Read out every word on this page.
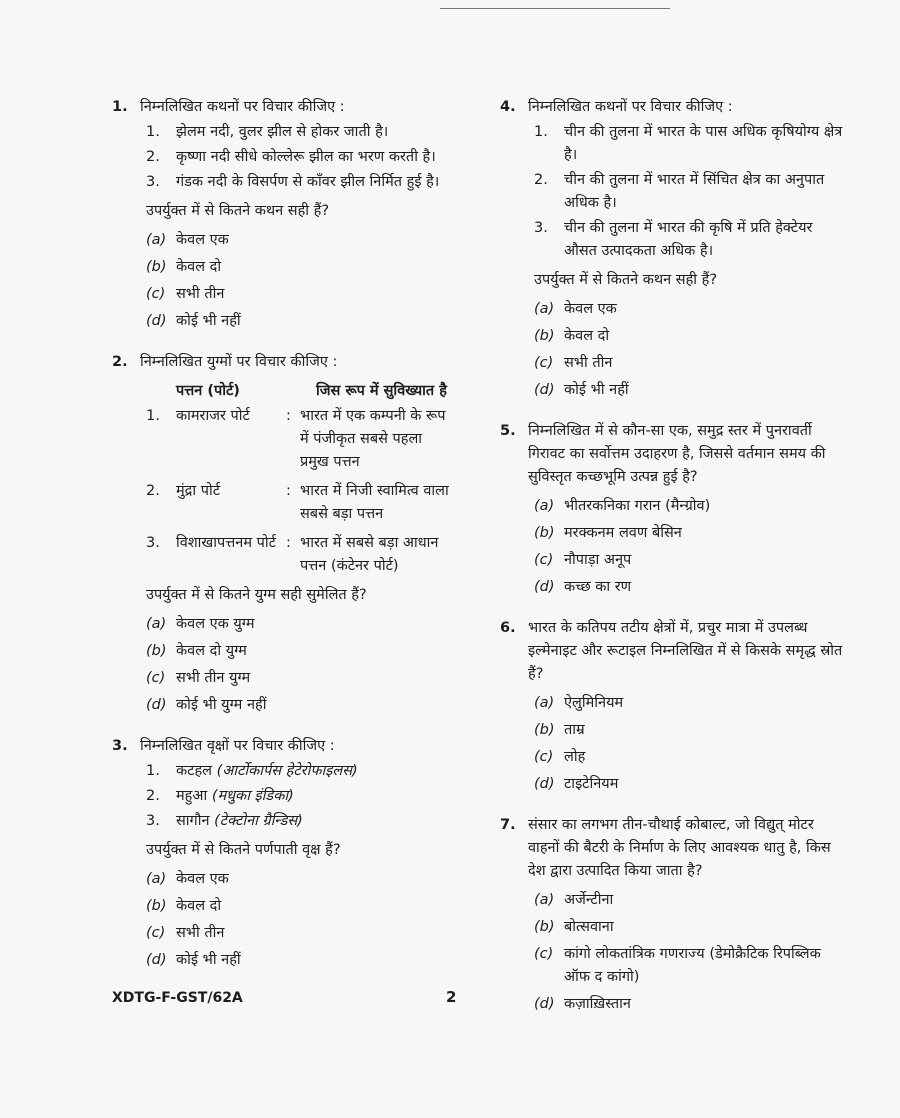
1. निम्नलिखित कथनों पर विचार कीजिए :
1.	झेलम नदी, वुलर झील से होकर जाती है।
2.	कृष्णा नदी सीधे कोल्लेरू झील का भरण करती है।
3.	गंडक नदी के विसर्पण से काँवर झील निर्मित हुई है।
उपर्युक्त में से कितने कथन सही हैं?
(a) केवल एक
(b) केवल दो
(c) सभी तीन
(d) कोई भी नहीं
2. निम्नलिखित युग्मों पर विचार कीजिए :
पत्तन (पोर्ट)	जिस रूप में सुविख्यात है
1.	कामराजर पोर्ट	: भारत में एक कम्पनी के रूप में पंजीकृत सबसे पहला प्रमुख पत्तन
2.	मुंद्रा पोर्ट	: भारत में निजी स्वामित्व वाला सबसे बड़ा पत्तन
3.	विशाखापत्तनम पोर्ट : भारत में सबसे बड़ा आधान पत्तन (कंटेनर पोर्ट)
उपर्युक्त में से कितने युग्म सही सुमेलित हैं?
(a) केवल एक युग्म
(b) केवल दो युग्म
(c) सभी तीन युग्म
(d) कोई भी युग्म नहीं
3. निम्नलिखित वृक्षों पर विचार कीजिए :
1.	कटहल (आर्टोकार्पस हेटेरोफाइलस)
2.	महुआ (मधुका इंडिका)
3.	सागौन (टेक्टोना ग्रैन्डिस)
उपर्युक्त में से कितने पर्णपाती वृक्ष हैं?
(a) केवल एक
(b) केवल दो
(c) सभी तीन
(d) कोई भी नहीं
4. निम्नलिखित कथनों पर विचार कीजिए :
1.	चीन की तुलना में भारत के पास अधिक कृषियोग्य क्षेत्र है।
2.	चीन की तुलना में भारत में सिंचित क्षेत्र का अनुपात अधिक है।
3.	चीन की तुलना में भारत की कृषि में प्रति हेक्टेयर औसत उत्पादकता अधिक है।
उपर्युक्त में से कितने कथन सही हैं?
(a) केवल एक
(b) केवल दो
(c) सभी तीन
(d) कोई भी नहीं
5. निम्नलिखित में से कौन-सा एक, समुद्र स्तर में पुनरावर्ती गिरावट का सर्वोत्तम उदाहरण है, जिससे वर्तमान समय की सुविस्तृत कच्छभूमि उत्पन्न हुई है?
(a) भीतरकनिका गरान (मैन्ग्रोव)
(b) मरक्कनम लवण बेसिन
(c) नौपाड़ा अनूप
(d) कच्छ का रण
6. भारत के कतिपय तटीय क्षेत्रों में, प्रचुर मात्रा में उपलब्ध इल्मेनाइट और रूटाइल निम्नलिखित में से किसके समृद्ध स्रोत हैं?
(a) ऐलुमिनियम
(b) ताम्र
(c) लोह
(d) टाइटेनियम
7. संसार का लगभग तीन-चौथाई कोबाल्ट, जो विद्युत् मोटर वाहनों की बैटरी के निर्माण के लिए आवश्यक धातु है, किस देश द्वारा उत्पादित किया जाता है?
(a) अर्जेन्टीना
(b) बोत्सवाना
(c) कांगो लोकतांत्रिक गणराज्य (डेमोक्रैटिक रिपब्लिक ऑफ द कांगो)
(d) कज़ाख़िस्तान
XDTG-F-GST/62A	2
